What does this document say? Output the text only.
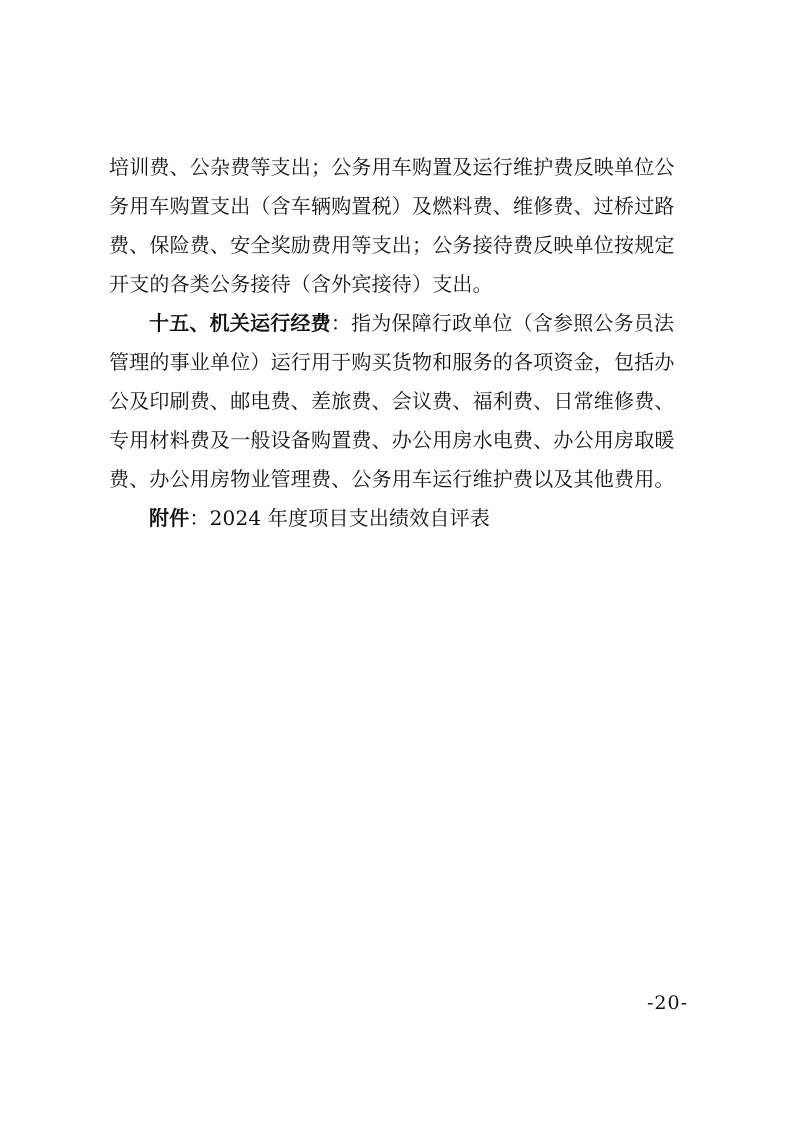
培训费、公杂费等支出；公务用车购置及运行维护费反映单位公
务用车购置支出（含车辆购置税）及燃料费、维修费、过桥过路
费、保险费、安全奖励费用等支出；公务接待费反映单位按规定
开支的各类公务接待（含外宾接待）支出。
十五、机关运行经费：指为保障行政单位（含参照公务员法
管理的事业单位）运行用于购买货物和服务的各项资金，包括办
公及印刷费、邮电费、差旅费、会议费、福利费、日常维修费、
专用材料费及一般设备购置费、办公用房水电费、办公用房取暖
费、办公用房物业管理费、公务用车运行维护费以及其他费用。
附件：2024 年度项目支出绩效自评表
-20-
